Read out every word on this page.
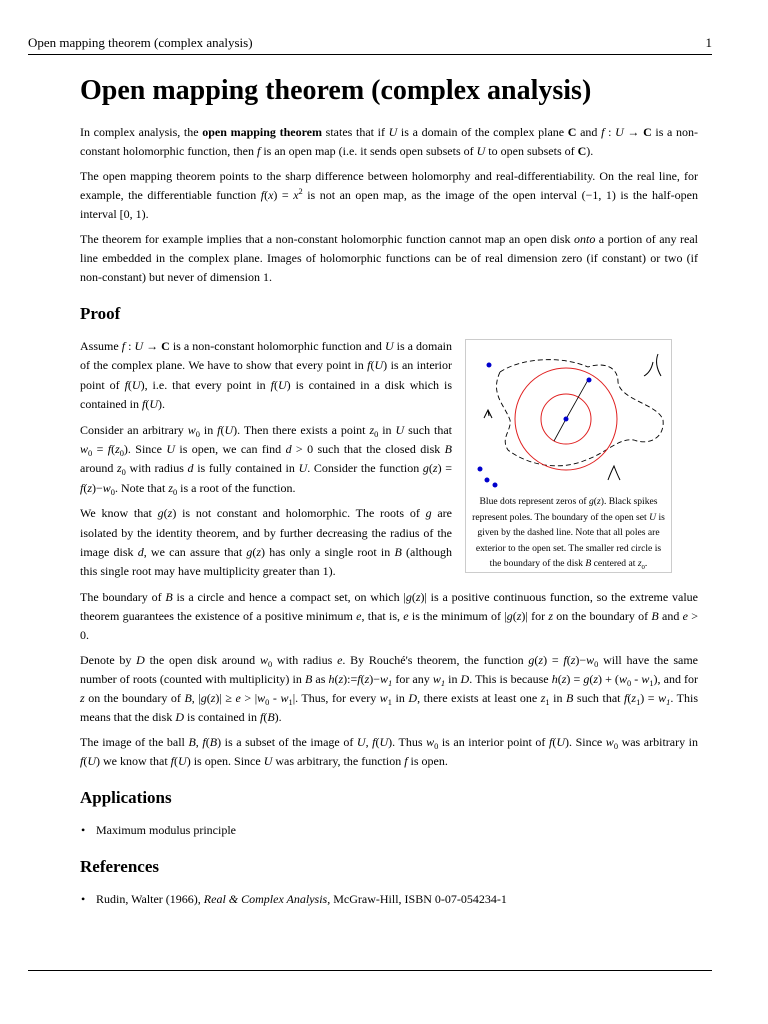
Open mapping theorem (complex analysis)	1
Open mapping theorem (complex analysis)

In complex analysis, the open mapping theorem states that if U is a domain of the complex plane C and f : U → C is a non-constant holomorphic function, then f is an open map (i.e. it sends open subsets of U to open subsets of C).

The open mapping theorem points to the sharp difference between holomorphy and real-differentiability. On the real line, for example, the differentiable function $f(x) = x^2$ is not an open map, as the image of the open interval (−1, 1) is the half-open interval [0, 1).

The theorem for example implies that a non-constant holomorphic function cannot map an open disk onto a portion of any real line embedded in the complex plane. Images of holomorphic functions can be of real dimension zero (if constant) or two (if non-constant) but never of dimension 1.

Proof

Assume f : U → C is a non-constant holomorphic function and U is a domain of the complex plane. We have to show that every point in f(U) is an interior point of f(U), i.e. that every point in f(U) is contained in a disk which is contained in f(U).

Consider an arbitrary $w_0$ in f(U). Then there exists a point $z_0$ in U such that $w_0 = f(z_0)$. Since U is open, we can find d > 0 such that the closed disk B around $z_0$ with radius d is fully contained in U. Consider the function $g(z) = f(z)-w_0$. Note that $z_0$ is a root of the function.

We know that g(z) is not constant and holomorphic. The roots of g are isolated by the identity theorem, and by further decreasing the radius of the image disk d, we can assure that g(z) has only a single root in B (although this single root may have multiplicity greater than 1).

Blue dots represent zeros of g(z). Black spikes represent poles. The boundary of the open set U is given by the dashed line. Note that all poles are exterior to the open set. The smaller red circle is the boundary of the disk B centered at $z_0$.

The boundary of B is a circle and hence a compact set, on which |g(z)| is a positive continuous function, so the extreme value theorem guarantees the existence of a positive minimum e, that is, e is the minimum of |g(z)| for z on the boundary of B and e > 0.

Denote by D the open disk around $w_0$ with radius e. By Rouché's theorem, the function $g(z) = f(z)-w_0$ will have the same number of roots (counted with multiplicity) in B as $h(z):=f(z)-w_1$ for any $w_1$ in D. This is because $h(z) = g(z) + (w_0 - w_1)$, and for z on the boundary of B, $|g(z)| \ge e > |w_0 - w_1|$. Thus, for every $w_1$ in D, there exists at least one $z_1$ in B such that $f(z_1) = w_1$. This means that the disk D is contained in f(B).

The image of the ball B, f(B) is a subset of the image of U, f(U). Thus $w_0$ is an interior point of f(U). Since $w_0$ was arbitrary in f(U) we know that f(U) is open. Since U was arbitrary, the function f is open.

Applications
• Maximum modulus principle
References
• Rudin, Walter (1966), Real & Complex Analysis, McGraw-Hill, ISBN 0-07-054234-1
